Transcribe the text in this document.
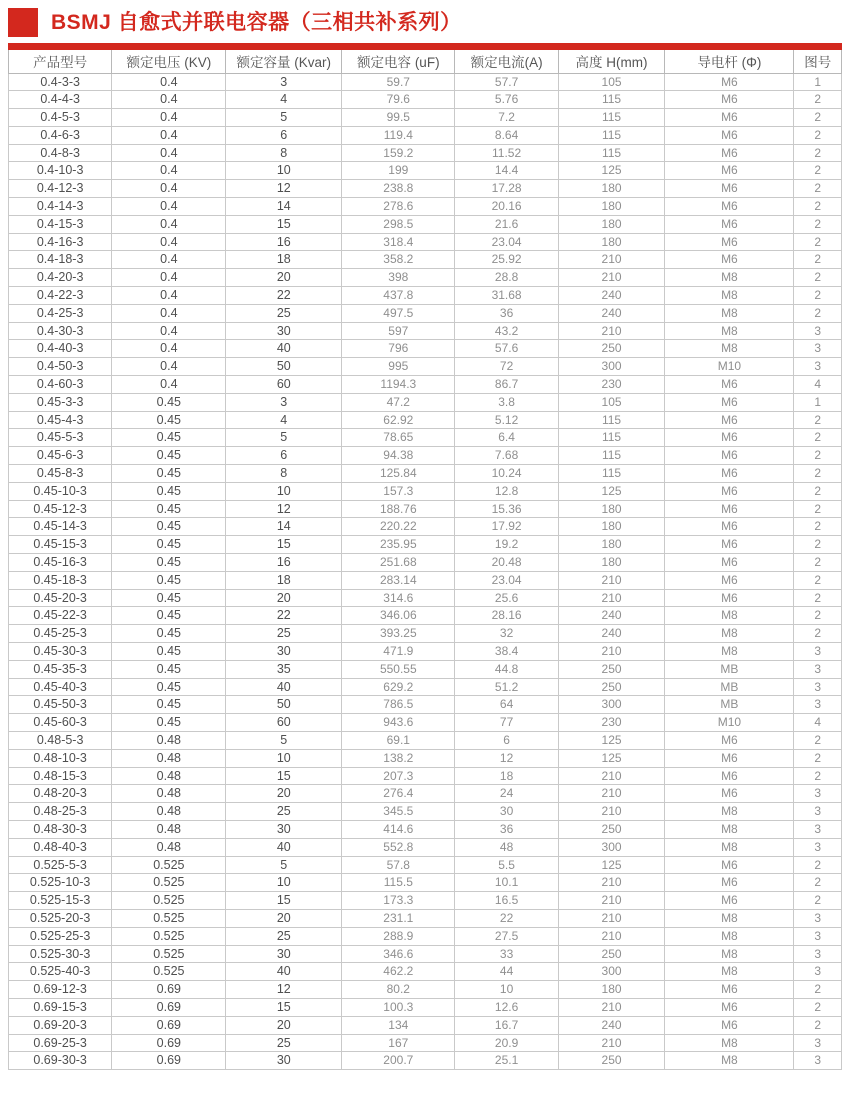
BSMJ 自愈式并联电容器（三相共补系列）
产品型号	额定电压 (KV)	额定容量 (Kvar)	额定电容 (uF)	额定电流(A)	高度 H(mm)	导电杆 (Φ)	图号
0.4-3-3	0.4	3	59.7	57.7	105	M6	1
0.4-4-3	0.4	4	79.6	5.76	115	M6	2
0.4-5-3	0.4	5	99.5	7.2	115	M6	2
0.4-6-3	0.4	6	119.4	8.64	115	M6	2
0.4-8-3	0.4	8	159.2	11.52	115	M6	2
0.4-10-3	0.4	10	199	14.4	125	M6	2
0.4-12-3	0.4	12	238.8	17.28	180	M6	2
0.4-14-3	0.4	14	278.6	20.16	180	M6	2
0.4-15-3	0.4	15	298.5	21.6	180	M6	2
0.4-16-3	0.4	16	318.4	23.04	180	M6	2
0.4-18-3	0.4	18	358.2	25.92	210	M6	2
0.4-20-3	0.4	20	398	28.8	210	M8	2
0.4-22-3	0.4	22	437.8	31.68	240	M8	2
0.4-25-3	0.4	25	497.5	36	240	M8	2
0.4-30-3	0.4	30	597	43.2	210	M8	3
0.4-40-3	0.4	40	796	57.6	250	M8	3
0.4-50-3	0.4	50	995	72	300	M10	3
0.4-60-3	0.4	60	1194.3	86.7	230	M6	4
0.45-3-3	0.45	3	47.2	3.8	105	M6	1
0.45-4-3	0.45	4	62.92	5.12	115	M6	2
0.45-5-3	0.45	5	78.65	6.4	115	M6	2
0.45-6-3	0.45	6	94.38	7.68	115	M6	2
0.45-8-3	0.45	8	125.84	10.24	115	M6	2
0.45-10-3	0.45	10	157.3	12.8	125	M6	2
0.45-12-3	0.45	12	188.76	15.36	180	M6	2
0.45-14-3	0.45	14	220.22	17.92	180	M6	2
0.45-15-3	0.45	15	235.95	19.2	180	M6	2
0.45-16-3	0.45	16	251.68	20.48	180	M6	2
0.45-18-3	0.45	18	283.14	23.04	210	M6	2
0.45-20-3	0.45	20	314.6	25.6	210	M6	2
0.45-22-3	0.45	22	346.06	28.16	240	M8	2
0.45-25-3	0.45	25	393.25	32	240	M8	2
0.45-30-3	0.45	30	471.9	38.4	210	M8	3
0.45-35-3	0.45	35	550.55	44.8	250	MB	3
0.45-40-3	0.45	40	629.2	51.2	250	MB	3
0.45-50-3	0.45	50	786.5	64	300	MB	3
0.45-60-3	0.45	60	943.6	77	230	M10	4
0.48-5-3	0.48	5	69.1	6	125	M6	2
0.48-10-3	0.48	10	138.2	12	125	M6	2
0.48-15-3	0.48	15	207.3	18	210	M6	2
0.48-20-3	0.48	20	276.4	24	210	M6	3
0.48-25-3	0.48	25	345.5	30	210	M8	3
0.48-30-3	0.48	30	414.6	36	250	M8	3
0.48-40-3	0.48	40	552.8	48	300	M8	3
0.525-5-3	0.525	5	57.8	5.5	125	M6	2
0.525-10-3	0.525	10	115.5	10.1	210	M6	2
0.525-15-3	0.525	15	173.3	16.5	210	M6	2
0.525-20-3	0.525	20	231.1	22	210	M8	3
0.525-25-3	0.525	25	288.9	27.5	210	M8	3
0.525-30-3	0.525	30	346.6	33	250	M8	3
0.525-40-3	0.525	40	462.2	44	300	M8	3
0.69-12-3	0.69	12	80.2	10	180	M6	2
0.69-15-3	0.69	15	100.3	12.6	210	M6	2
0.69-20-3	0.69	20	134	16.7	240	M6	2
0.69-25-3	0.69	25	167	20.9	210	M8	3
0.69-30-3	0.69	30	200.7	25.1	250	M8	3
